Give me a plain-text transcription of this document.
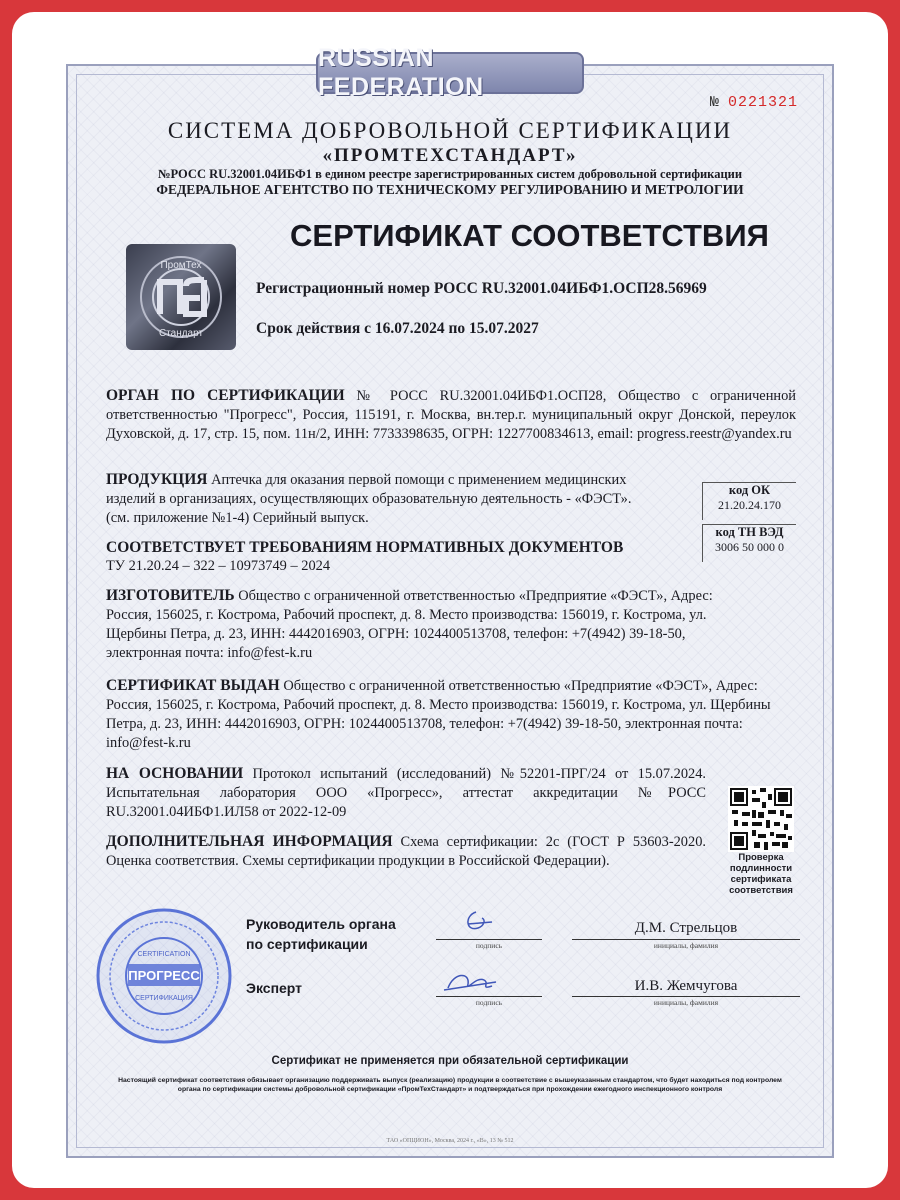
RUSSIAN FEDERATION
№ 0221321
СИСТЕМА ДОБРОВОЛЬНОЙ СЕРТИФИКАЦИИ
«ПРОМТЕХСТАНДАРТ»
№РОСС RU.32001.04ИБФ1 в едином реестре зарегистрированных систем добровольной сертификации
ФЕДЕРАЛЬНОЕ АГЕНТСТВО ПО ТЕХНИЧЕСКОМУ РЕГУЛИРОВАНИЮ И МЕТРОЛОГИИ
ПромТех
Стандарт
СЕРТИФИКАТ СООТВЕТСТВИЯ
Регистрационный номер РОСС RU.32001.04ИБФ1.ОСП28.56969
Срок действия с 16.07.2024 по 15.07.2027
ОРГАН ПО СЕРТИФИКАЦИИ № РОСС RU.32001.04ИБФ1.ОСП28, Общество с ограниченной ответственностью "Прогресс", Россия, 115191, г. Москва, вн.тер.г. муниципальный округ Донской, переулок Духовской, д. 17, стр. 15, пом. 11н/2, ИНН: 7733398635, ОГРН: 1227700834613, email: progress.reestr@yandex.ru
ПРОДУКЦИЯ Аптечка для оказания первой помощи с применением медицинских изделий в организациях, осуществляющих образовательную деятельность - «ФЭСТ». (см. приложение №1-4) Серийный выпуск.
код ОК
21.20.24.170
код ТН ВЭД
3006 50 000 0
СООТВЕТСТВУЕТ ТРЕБОВАНИЯМ НОРМАТИВНЫХ ДОКУМЕНТОВ
ТУ 21.20.24 – 322 – 10973749 – 2024
ИЗГОТОВИТЕЛЬ Общество с ограниченной ответственностью «Предприятие «ФЭСТ», Адрес: Россия, 156025, г. Кострома, Рабочий проспект, д. 8. Место производства: 156019, г. Кострома, ул. Щербины Петра, д. 23, ИНН: 4442016903, ОГРН: 1024400513708, телефон: +7(4942) 39-18-50, электронная почта: info@fest-k.ru
СЕРТИФИКАТ ВЫДАН Общество с ограниченной ответственностью «Предприятие «ФЭСТ», Адрес: Россия, 156025, г. Кострома, Рабочий проспект, д. 8. Место производства: 156019, г. Кострома, ул. Щербины Петра, д. 23, ИНН: 4442016903, ОГРН: 1024400513708, телефон: +7(4942) 39-18-50, электронная почта: info@fest-k.ru
НА ОСНОВАНИИ Протокол испытаний (исследований) №52201-ПРГ/24 от 15.07.2024. Испытательная лаборатория ООО «Прогресс», аттестат аккредитации №РОСС RU.32001.04ИБФ1.ИЛ58 от 2022-12-09
ДОПОЛНИТЕЛЬНАЯ ИНФОРМАЦИЯ Схема сертификации: 2с (ГОСТ Р 53603-2020. Оценка соответствия. Схемы сертификации продукции в Российской Федерации).	Проверка
подлинности
сертификата
соответствия
ПРОГРЕСС
CERTIFICATION
СЕРТИФИКАЦИЯ
Руководитель органа
по сертификации	подпись
Д.М. Стрельцов
инициалы, фамилия
Эксперт
подпись
И.В. Жемчугова
инициалы, фамилия
Сертификат не применяется при обязательной сертификации
Настоящий сертификат соответствия обязывает организацию поддерживать выпуск (реализацию) продукции в соответствие с вышеуказанным стандартом, что будет находиться под контролем органа по сертификации системы добровольной сертификации «ПромТехСтандарт» и подтверждаться при прохождении ежегодного инспекционного контроля
ТАО «ОПЦИОН», Москва, 2024 г., «В», 13 № 512
